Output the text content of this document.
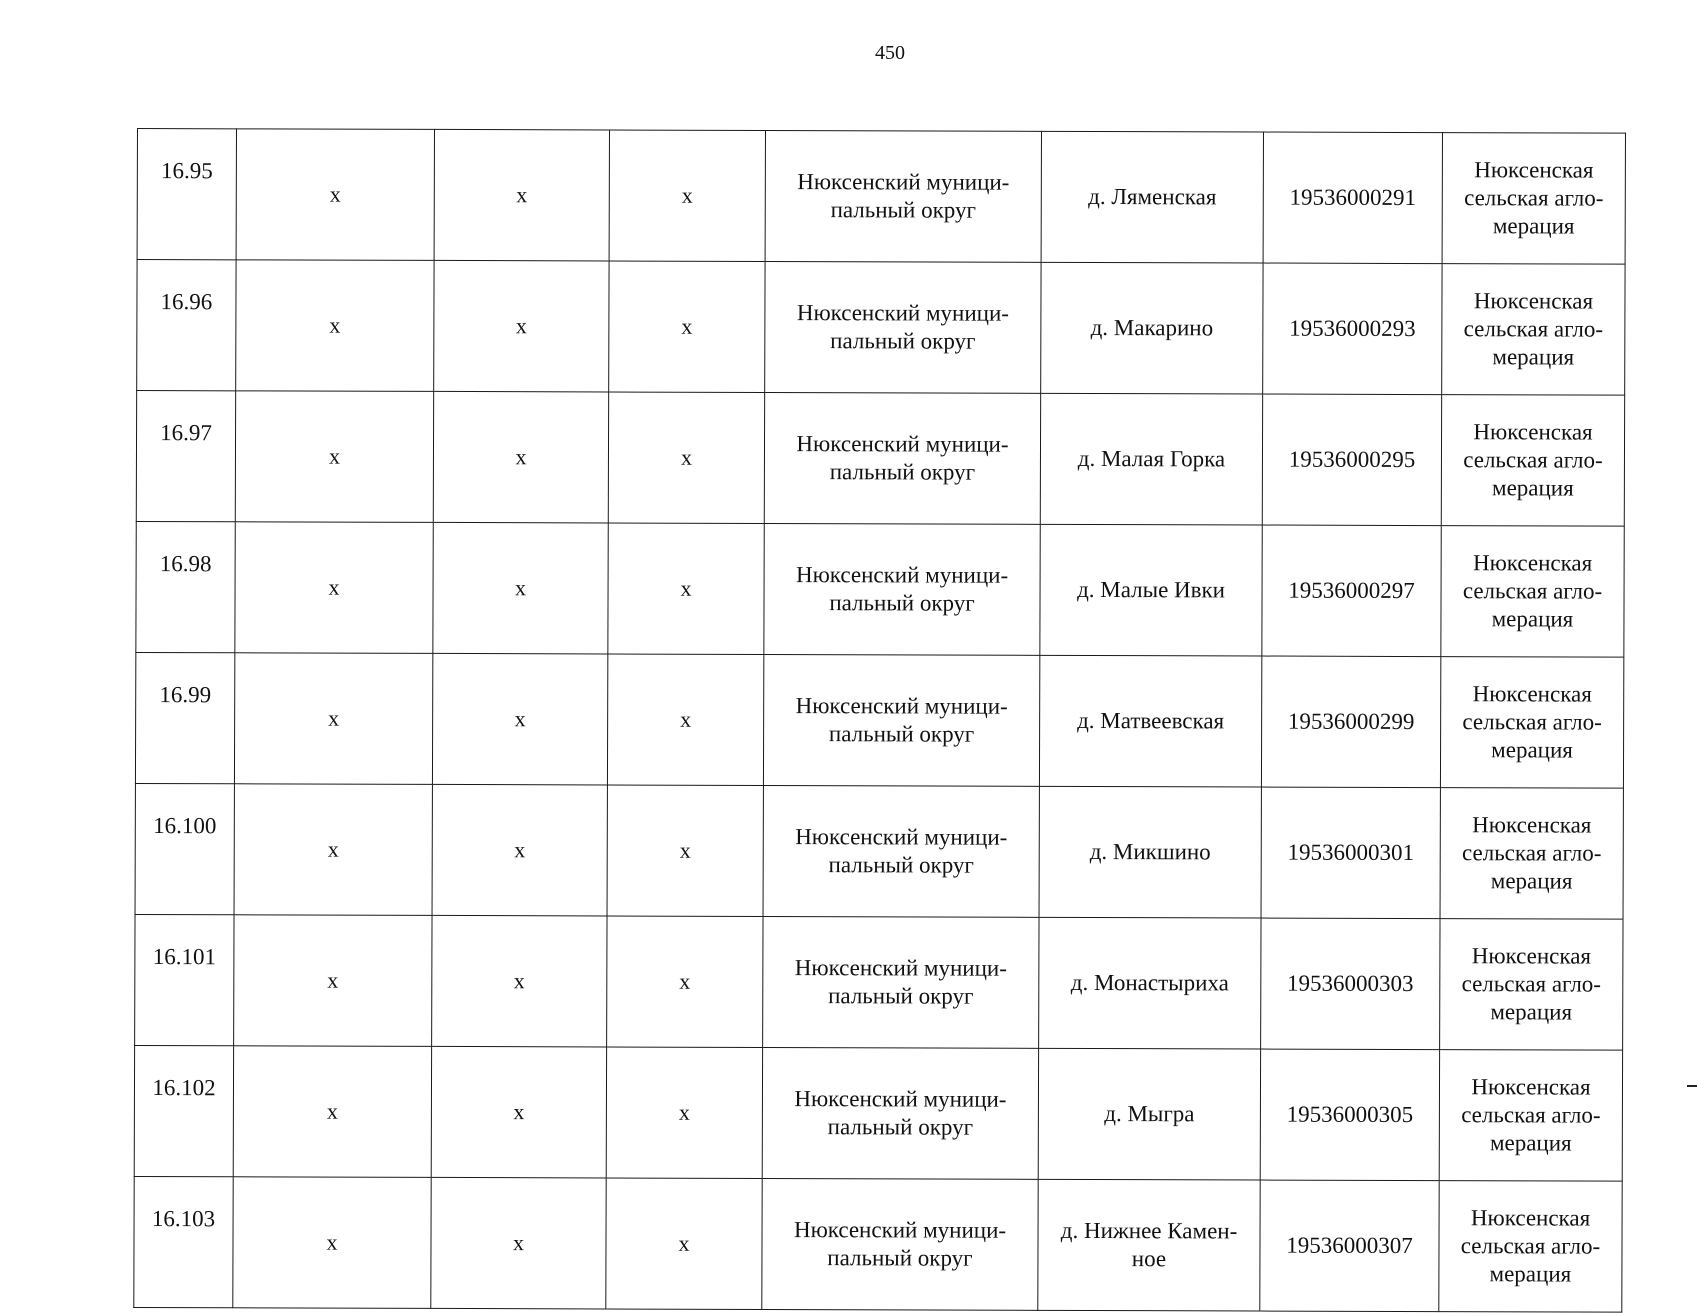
450
16.95	х	х	х	Нюксенский муници-
пальный округ	д. Ляменская	19536000291	Нюксенская
сельская агло-
мерация
16.96	х	х	х	Нюксенский муници-
пальный округ	д. Макарино	19536000293	Нюксенская
сельская агло-
мерация
16.97	х	х	х	Нюксенский муници-
пальный округ	д. Малая Горка	19536000295	Нюксенская
сельская агло-
мерация
16.98	х	х	х	Нюксенский муници-
пальный округ	д. Малые Ивки	19536000297	Нюксенская
сельская агло-
мерация
16.99	х	х	х	Нюксенский муници-
пальный округ	д. Матвеевская	19536000299	Нюксенская
сельская агло-
мерация
16.100	х	х	х	Нюксенский муници-
пальный округ	д. Микшино	19536000301	Нюксенская
сельская агло-
мерация
16.101	х	х	х	Нюксенский муници-
пальный округ	д. Монастыриха	19536000303	Нюксенская
сельская агло-
мерация
16.102	х	х	х	Нюксенский муници-
пальный округ	д. Мыгра	19536000305	Нюксенская
сельская агло-
мерация
16.103	х	х	х	Нюксенский муници-
пальный округ	д. Нижнее Камен-
ное	19536000307	Нюксенская
сельская агло-
мерация
